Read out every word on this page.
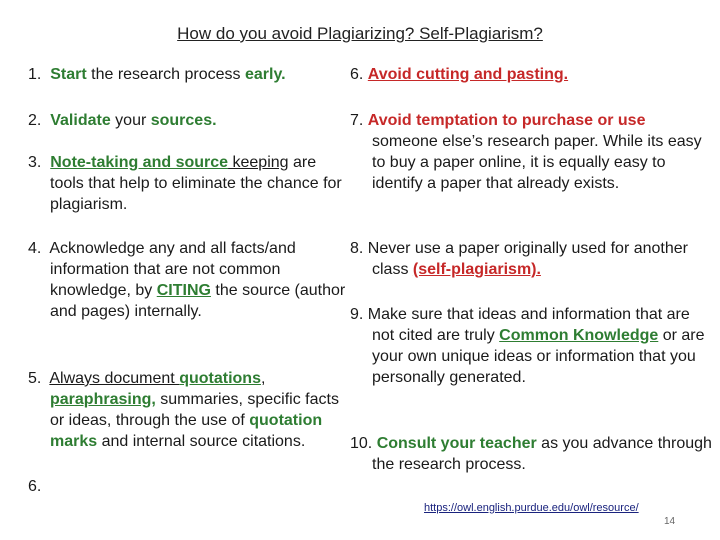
How do you avoid Plagiarizing? Self-Plagiarism?
1. Start the research process early.
2. Validate your sources.
3. Note-taking and source keeping are tools that help to eliminate the chance for plagiarism.
4. Acknowledge any and all facts/and information that are not common knowledge, by CITING the source (author and pages) internally.
5. Always document quotations, paraphrasing, summaries, specific facts or ideas, through the use of quotation marks and internal source citations.
6.
6. Avoid cutting and pasting.
7. Avoid temptation to purchase or use someone else’s research paper. While its easy to buy a paper online, it is equally easy to identify a paper that already exists.
8. Never use a paper originally used for another class (self-plagiarism).
9. Make sure that ideas and information that are not cited are truly Common Knowledge or are your own unique ideas or information that you personally generated.
10. Consult your teacher as you advance through the research process.
https://owl.english.purdue.edu/owl/resource/
14
